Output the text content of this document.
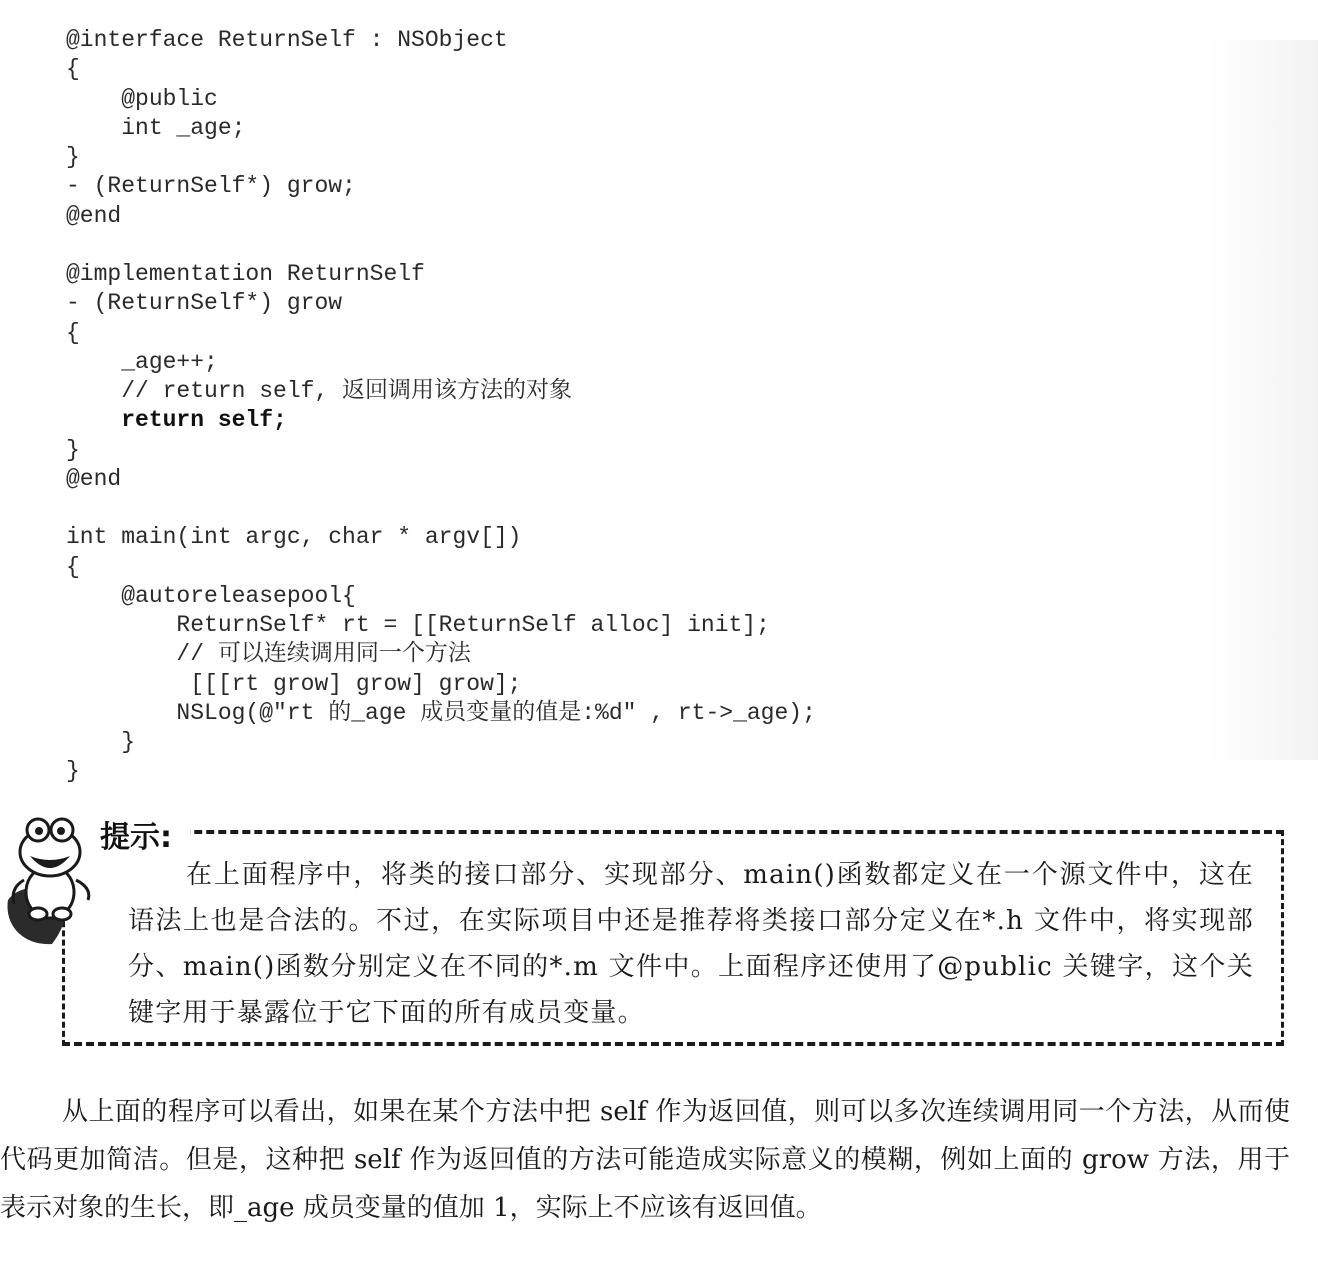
@interface ReturnSelf : NSObject
{
@public
int _age;
}
- (ReturnSelf*) grow;
@end
@implementation ReturnSelf
- (ReturnSelf*) grow
{
_age++;
// return self, 返回调用该方法的对象
return self;
}
@end
int main(int argc, char * argv[])
{
@autoreleasepool{
ReturnSelf* rt = [[ReturnSelf alloc] init];
// 可以连续调用同一个方法
[[[rt grow] grow] grow];
NSLog(@"rt 的_age 成员变量的值是:%d" , rt->_age);
}
}
提示:

在上面程序中，将类的接口部分、实现部分、main()函数都定义在一个源文件中，这在语法上也是合法的。不过，在实际项目中还是推荐将类接口部分定义在*.h 文件中，将实现部分、main()函数分别定义在不同的*.m 文件中。上面程序还使用了@public 关键字，这个关键字用于暴露位于它下面的所有成员变量。

从上面的程序可以看出，如果在某个方法中把 self 作为返回值，则可以多次连续调用同一个方法，从而使代码更加简洁。但是，这种把 self 作为返回值的方法可能造成实际意义的模糊，例如上面的 grow 方法，用于表示对象的生长，即_age 成员变量的值加 1，实际上不应该有返回值。
